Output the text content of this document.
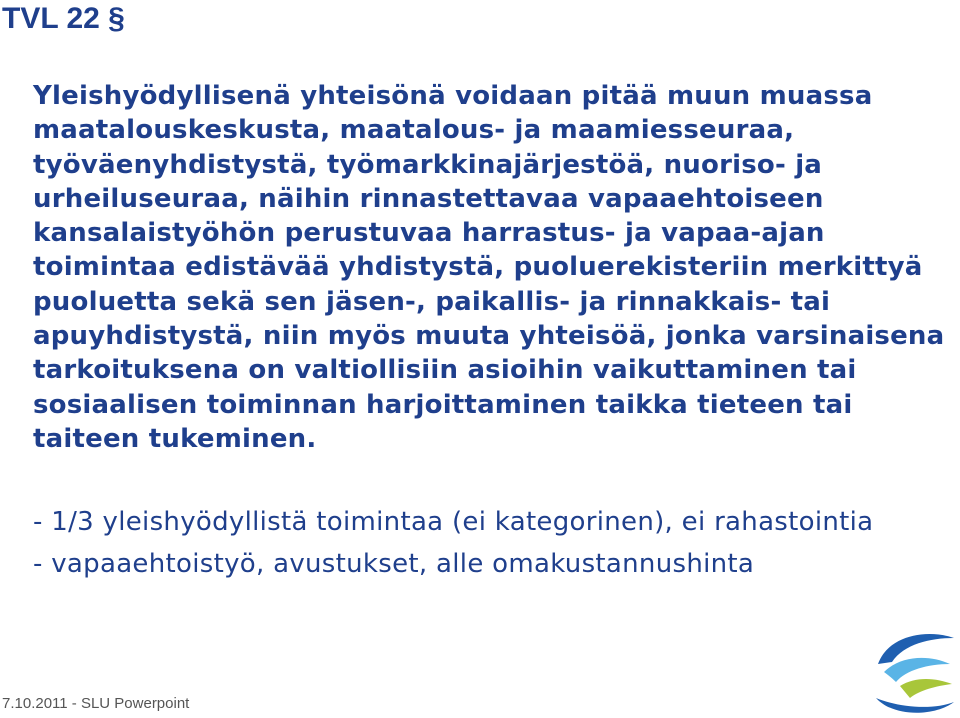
TVL 22 §

Yleishyödyllisenä yhteisönä voidaan pitää muun muassa maatalouskeskusta, maatalous- ja maamiesseuraa, työväenyhdistystä, työmarkkinajärjestöä, nuoriso- ja urheiluseuraa, näihin rinnastettavaa vapaaehtoiseen kansalaistyöhön perustuvaa harrastus- ja vapaa-ajan toimintaa edistävää yhdistystä, puoluerekisteriin merkittyä puoluetta sekä sen jäsen-, paikallis- ja rinnakkais- tai apuyhdistystä, niin myös muuta yhteisöä, jonka varsinaisena tarkoituksena on valtiollisiin asioihin vaikuttaminen tai sosiaalisen toiminnan harjoittaminen taikka tieteen tai taiteen tukeminen.

- 1/3 yleishyödyllistä toimintaa (ei kategorinen), ei rahastointia

- vapaaehtoistyö, avustukset, alle omakustannushinta

7.10.2011 - SLU Powerpoint
